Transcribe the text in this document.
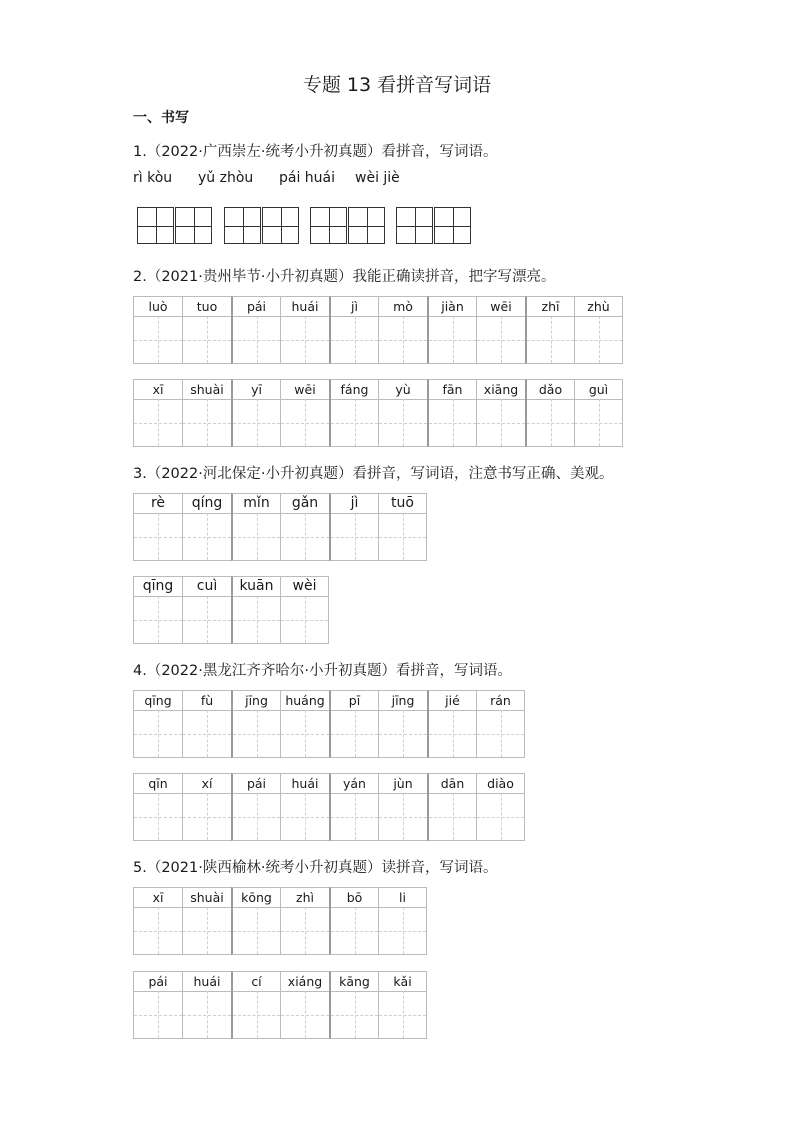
专题 13 看拼音写词语
一、书写
1.（2022·广西崇左·统考小升初真题）看拼音，写词语。
rì kòu yǔ zhòu pái huái wèi jiè
2.（2021·贵州毕节·小升初真题）我能正确读拼音，把字写漂亮。
luò	tuo	pái	huái	jì	mò	jiàn	wēi	zhī	zhù
xī	shuài	yī	wēi	fáng	yù	fān	xiāng	dǎo	guì
3.（2022·河北保定·小升初真题）看拼音，写词语，注意书写正确、美观。
rè	qíng	mǐn	gǎn	jì	tuō
qīng	cuì	kuān	wèi
4.（2022·黑龙江齐齐哈尔·小升初真题）看拼音，写词语。
qīng	fù	jīng	huáng	pī	jīng	jié	rán
qīn	xí	pái	huái	yán	jùn	dān	diào
5.（2021·陕西榆林·统考小升初真题）读拼音，写词语。
xī	shuài	kōng	zhì	bō	li
pái	huái	cí	xiáng	kāng	kǎi
